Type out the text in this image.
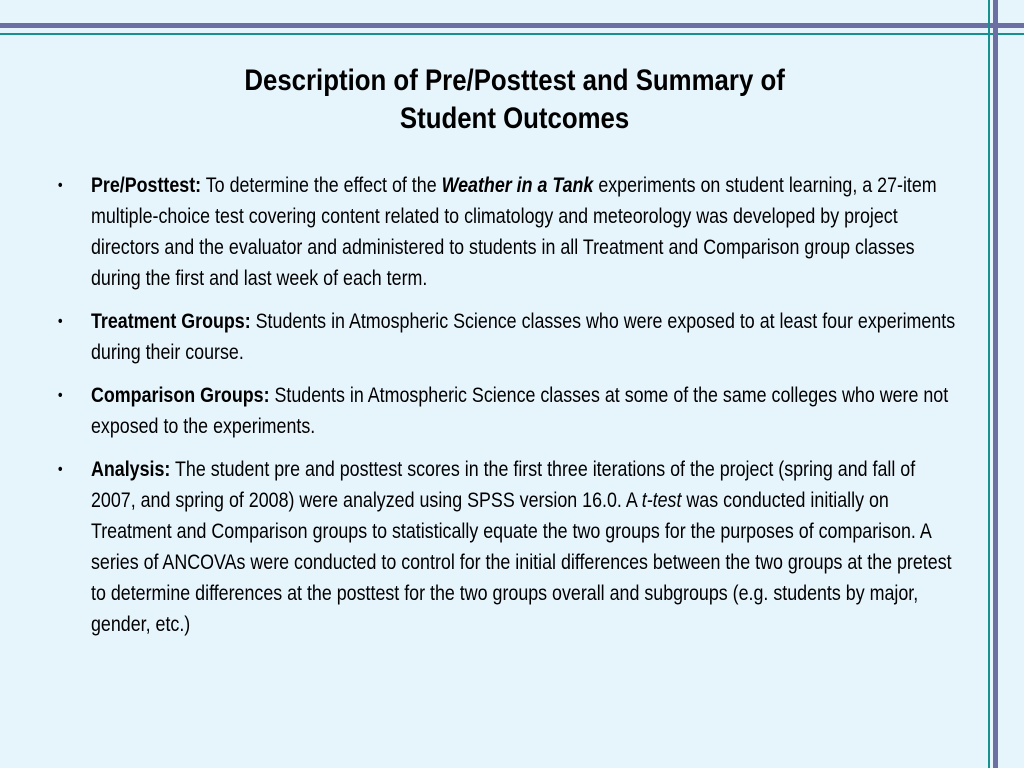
Description of Pre/Posttest and Summary of
Student Outcomes
• Pre/Posttest: To determine the effect of the Weather in a Tank experiments on student learning, a 27-item multiple-choice test covering content related to climatology and meteorology was developed by project directors and the evaluator and administered to students in all Treatment and Comparison group classes during the first and last week of each term.
• Treatment Groups: Students in Atmospheric Science classes who were exposed to at least four experiments during their course.
• Comparison Groups: Students in Atmospheric Science classes at some of the same colleges who were not exposed to the experiments.
• Analysis: The student pre and posttest scores in the first three iterations of the project (spring and fall of 2007, and spring of 2008) were analyzed using SPSS version 16.0. A t-test was conducted initially on Treatment and Comparison groups to statistically equate the two groups for the purposes of comparison. A series of ANCOVAs were conducted to control for the initial differences between the two groups at the pretest to determine differences at the posttest for the two groups overall and subgroups (e.g. students by major, gender, etc.)
